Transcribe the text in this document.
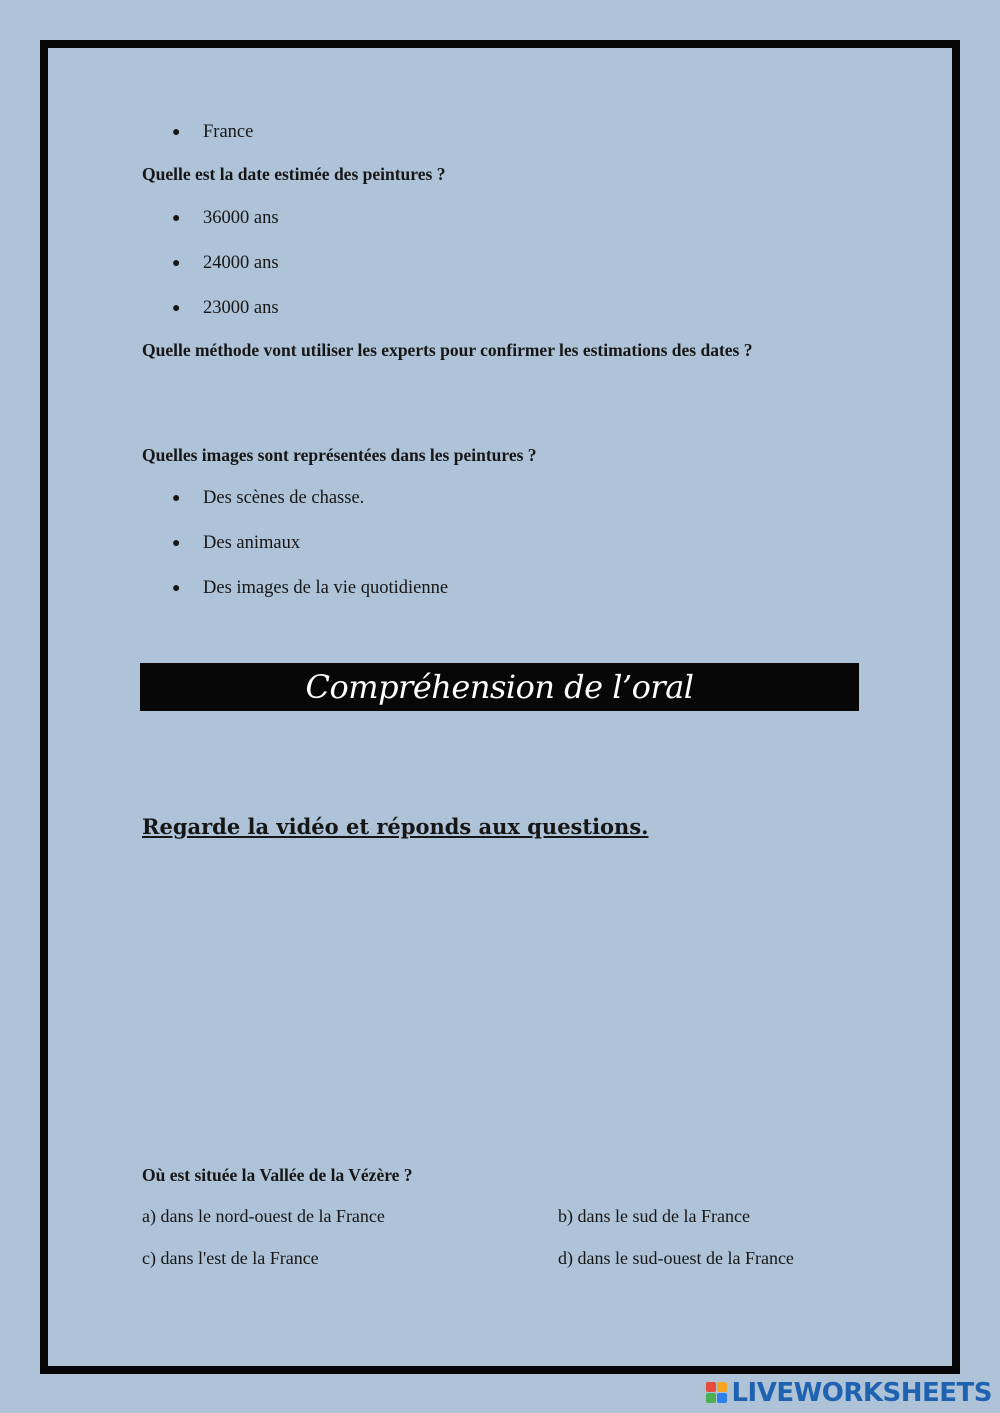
● France
Quelle est la date estimée des peintures ?
● 36000 ans
● 24000 ans
● 23000 ans
Quelle méthode vont utiliser les experts pour confirmer les estimations des dates ?
Quelles images sont représentées dans les peintures ?
● Des scènes de chasse.
● Des animaux
● Des images de la vie quotidienne
Compréhension de l’oral
Regarde la vidéo et réponds aux questions.
Où est située la Vallée de la Vézère ?
a) dans le nord-ouest de la France	b) dans le sud de la France
c) dans l'est de la France	d) dans le sud-ouest de la France
LIVEWORKSHEETS
